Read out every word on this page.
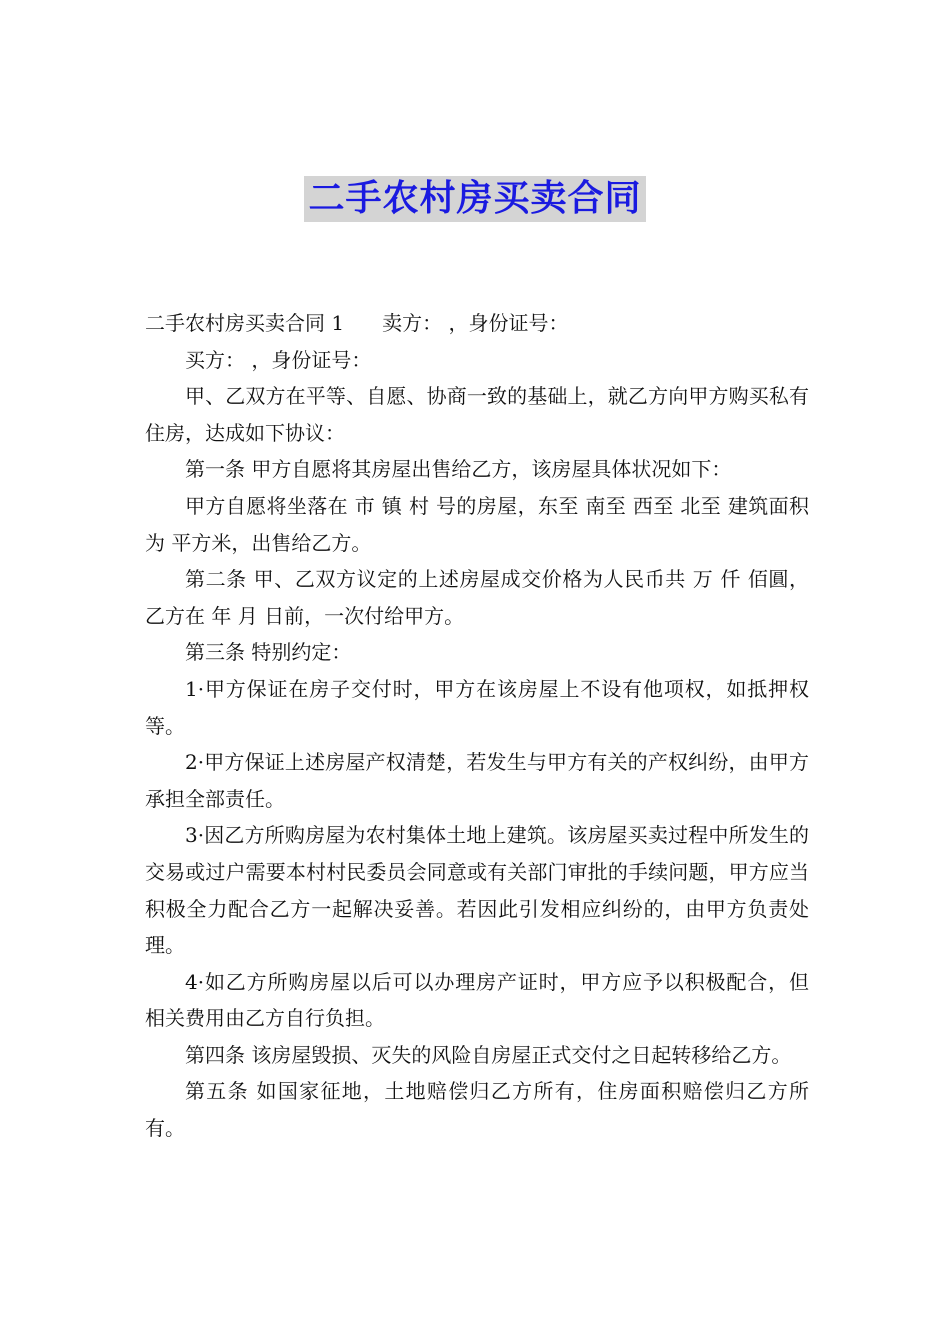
二手农村房买卖合同

二手农村房买卖合同 1 卖方： ，身份证号：

买方： ，身份证号：

甲、乙双方在平等、自愿、协商一致的基础上，就乙方向甲方购买私有住房，达成如下协议：

第一条 甲方自愿将其房屋出售给乙方，该房屋具体状况如下：

甲方自愿将坐落在 市 镇 村 号的房屋，东至 南至 西至 北至 建筑面积为 平方米，出售给乙方。

第二条 甲、乙双方议定的上述房屋成交价格为人民币共 万 仟 佰圓，乙方在 年 月 日前，一次付给甲方。

第三条 特别约定：

1·甲方保证在房子交付时，甲方在该房屋上不设有他项权，如抵押权等。

2·甲方保证上述房屋产权清楚，若发生与甲方有关的产权纠纷，由甲方承担全部责任。

3·因乙方所购房屋为农村集体土地上建筑。该房屋买卖过程中所发生的交易或过户需要本村村民委员会同意或有关部门审批的手续问题，甲方应当积极全力配合乙方一起解决妥善。若因此引发相应纠纷的，由甲方负责处理。

4·如乙方所购房屋以后可以办理房产证时，甲方应予以积极配合，但 相关费用由乙方自行负担。

第四条 该房屋毁损、灭失的风险自房屋正式交付之日起转移给乙方。

第五条 如国家征地，土地赔偿归乙方所有，住房面积赔偿归乙方所有。
